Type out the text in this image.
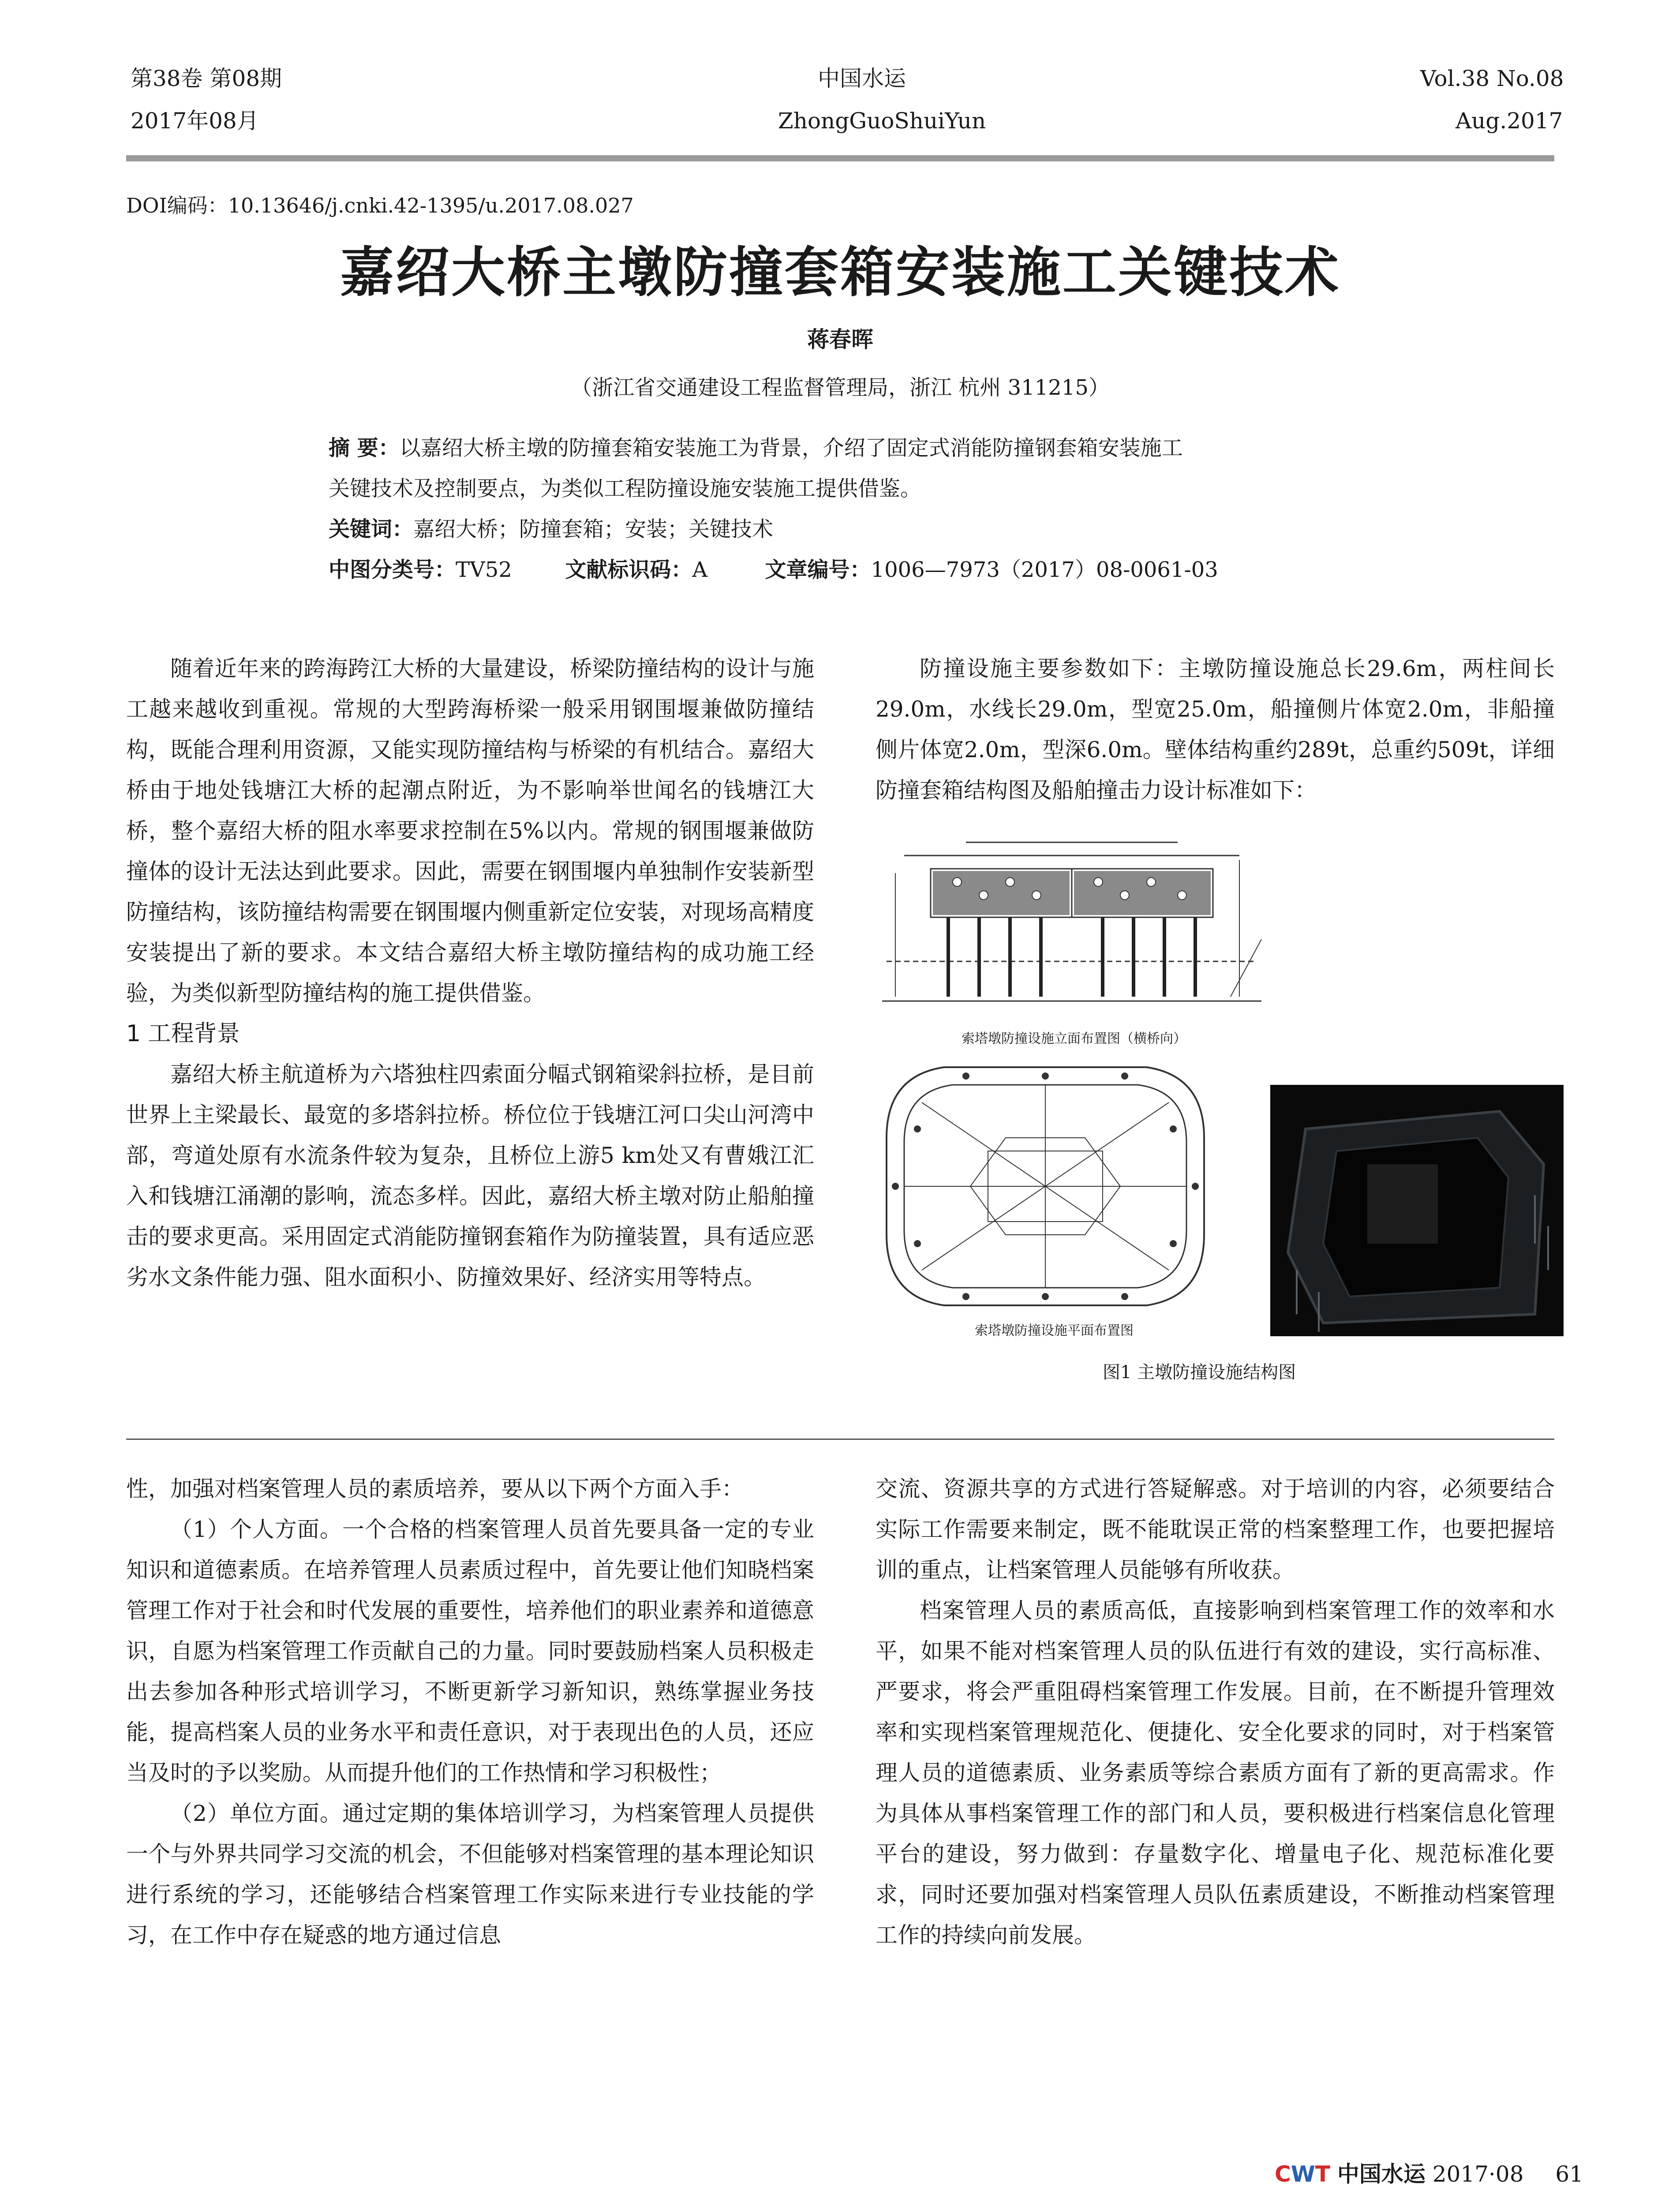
第38卷 第08期
2017年08月
中国水运
ZhongGuoShuiYun
Vol.38 No.08
Aug.2017
DOI编码：10.13646/j.cnki.42-1395/u.2017.08.027
嘉绍大桥主墩防撞套箱安装施工关键技术
蒋春晖
（浙江省交通建设工程监督管理局，浙江 杭州 311215）
摘 要：以嘉绍大桥主墩的防撞套箱安装施工为背景，介绍了固定式消能防撞钢套箱安装施工
关键技术及控制要点，为类似工程防撞设施安装施工提供借鉴。
关键词：嘉绍大桥；防撞套箱；安装；关键技术
中图分类号：TV52	文献标识码：A	文章编号：1006—7973（2017）08-0061-03

随着近年来的跨海跨江大桥的大量建设，桥梁防撞结构的设计与施工越来越收到重视。常规的大型跨海桥梁一般采用钢围堰兼做防撞结构，既能合理利用资源，又能实现防撞结构与桥梁的有机结合。嘉绍大桥由于地处钱塘江大桥的起潮点附近，为不影响举世闻名的钱塘江大桥，整个嘉绍大桥的阻水率要求控制在5%以内。常规的钢围堰兼做防撞体的设计无法达到此要求。因此，需要在钢围堰内单独制作安装新型防撞结构，该防撞结构需要在钢围堰内侧重新定位安装，对现场高精度安装提出了新的要求。本文结合嘉绍大桥主墩防撞结构的成功施工经验，为类似新型防撞结构的施工提供借鉴。

1 工程背景

嘉绍大桥主航道桥为六塔独柱四索面分幅式钢箱梁斜拉桥，是目前世界上主梁最长、最宽的多塔斜拉桥。桥位位于钱塘江河口尖山河湾中部，弯道处原有水流条件较为复杂，且桥位上游5 km处又有曹娥江汇入和钱塘江涌潮的影响，流态多样。因此，嘉绍大桥主墩对防止船舶撞击的要求更高。采用固定式消能防撞钢套箱作为防撞装置，具有适应恶劣水文条件能力强、阻水面积小、防撞效果好、经济实用等特点。

防撞设施主要参数如下：主墩防撞设施总长29.6m，两柱间长29.0m，水线长29.0m，型宽25.0m，船撞侧片体宽2.0m，非船撞侧片体宽2.0m，型深6.0m。壁体结构重约289t，总重约509t，详细防撞套箱结构图及船舶撞击力设计标准如下：

索塔墩防撞设施立面布置图（横桥向）
索塔墩防撞设施平面布置图
图1 主墩防撞设施结构图

性，加强对档案管理人员的素质培养，要从以下两个方面入手：

（1）个人方面。一个合格的档案管理人员首先要具备一定的专业知识和道德素质。在培养管理人员素质过程中，首先要让他们知晓档案管理工作对于社会和时代发展的重要性，培养他们的职业素养和道德意识，自愿为档案管理工作贡献自己的力量。同时要鼓励档案人员积极走出去参加各种形式培训学习，不断更新学习新知识，熟练掌握业务技能，提高档案人员的业务水平和责任意识，对于表现出色的人员，还应当及时的予以奖励。从而提升他们的工作热情和学习积极性；

（2）单位方面。通过定期的集体培训学习，为档案管理人员提供一个与外界共同学习交流的机会，不但能够对档案管理的基本理论知识进行系统的学习，还能够结合档案管理工作实际来进行专业技能的学习，在工作中存在疑惑的地方通过信息

交流、资源共享的方式进行答疑解惑。对于培训的内容，必须要结合实际工作需要来制定，既不能耽误正常的档案整理工作，也要把握培训的重点，让档案管理人员能够有所收获。

档案管理人员的素质高低，直接影响到档案管理工作的效率和水平，如果不能对档案管理人员的队伍进行有效的建设，实行高标准、严要求，将会严重阻碍档案管理工作发展。目前，在不断提升管理效率和实现档案管理规范化、便捷化、安全化要求的同时，对于档案管理人员的道德素质、业务素质等综合素质方面有了新的更高需求。作为具体从事档案管理工作的部门和人员，要积极进行档案信息化管理平台的建设，努力做到：存量数字化、增量电子化、规范标准化要求，同时还要加强对档案管理人员队伍素质建设，不断推动档案管理工作的持续向前发展。

CWT 中国水运 2017·08 61
